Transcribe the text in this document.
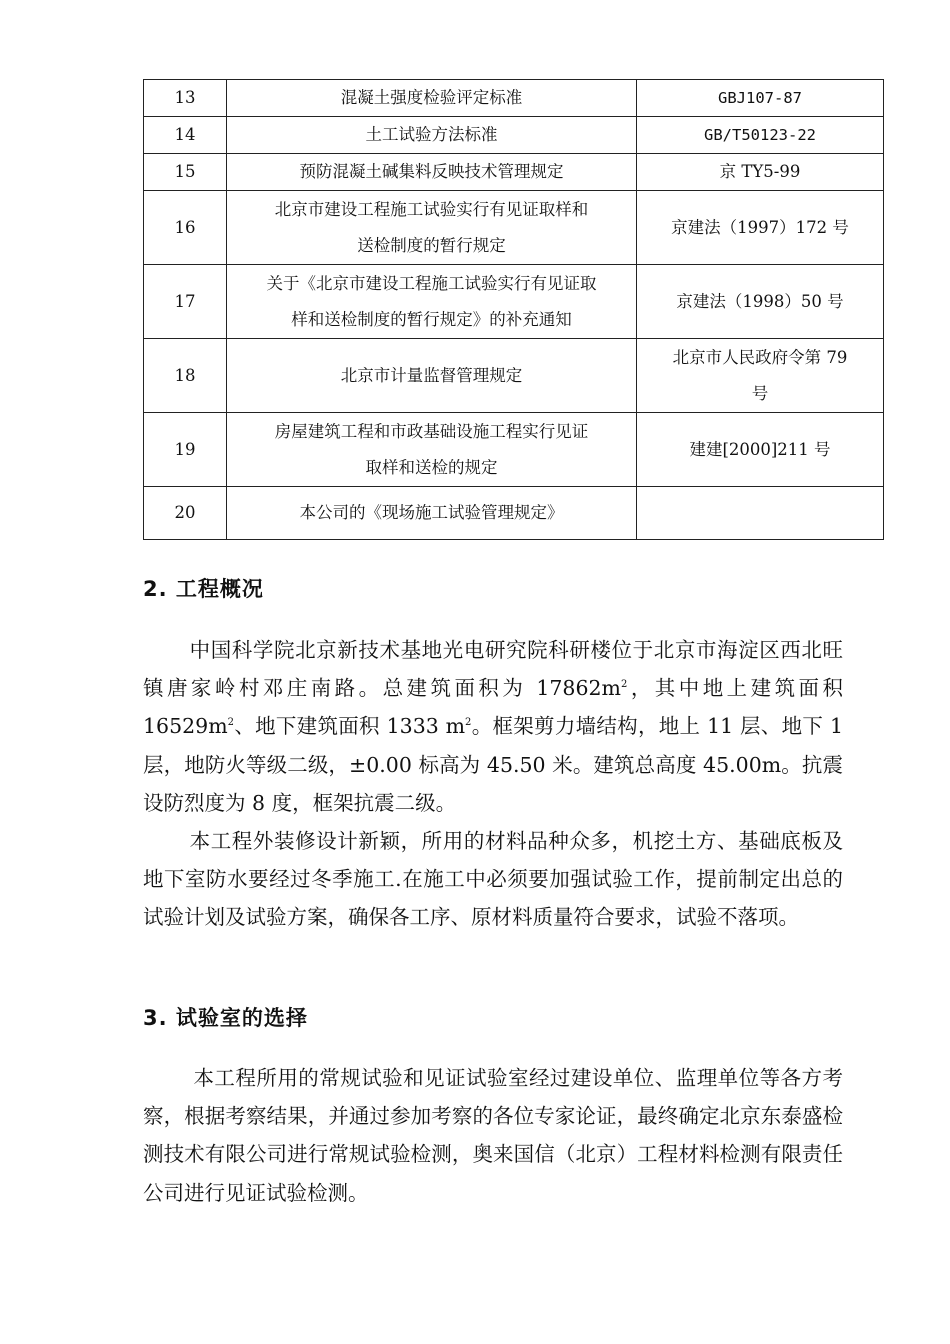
13	混凝土强度检验评定标准	GBJ107-87

14	土工试验方法标准	GB/T50123-22

15	预防混凝土碱集料反映技术管理规定	京 TY5-99

16	北京市建设工程施工试验实行有见证取样和
送检制度的暂行规定	京建法（1997）172 号

17	关于《北京市建设工程施工试验实行有见证取
样和送检制度的暂行规定》的补充通知	京建法（1998）50 号

18	北京市计量监督管理规定	北京市人民政府令第 79
号

19	房屋建筑工程和市政基础设施工程实行见证
取样和送检的规定	建建[2000]211 号

20	本公司的《现场施工试验管理规定》	

2. 工程概况

中国科学院北京新技术基地光电研究院科研楼位于北京市海淀区西北旺镇唐家岭村邓庄南路。总建筑面积为 $17862m^2$，其中地上建筑面积 $16529m^2$、地下建筑面积 1333 $m^2$。框架剪力墙结构，地上 11 层、地下 1 层，地防火等级二级，±0.00 标高为 45.50 米。建筑总高度 45.00m。抗震设防烈度为 8 度，框架抗震二级。

本工程外装修设计新颖，所用的材料品种众多，机挖土方、基础底板及地下室防水要经过冬季施工.在施工中必须要加强试验工作，提前制定出总的试验计划及试验方案，确保各工序、原材料质量符合要求，试验不落项。

3. 试验室的选择

本工程所用的常规试验和见证试验室经过建设单位、监理单位等各方考察，根据考察结果，并通过参加考察的各位专家论证，最终确定北京东泰盛检测技术有限公司进行常规试验检测，奥来国信（北京）工程材料检测有限责任公司进行见证试验检测。
